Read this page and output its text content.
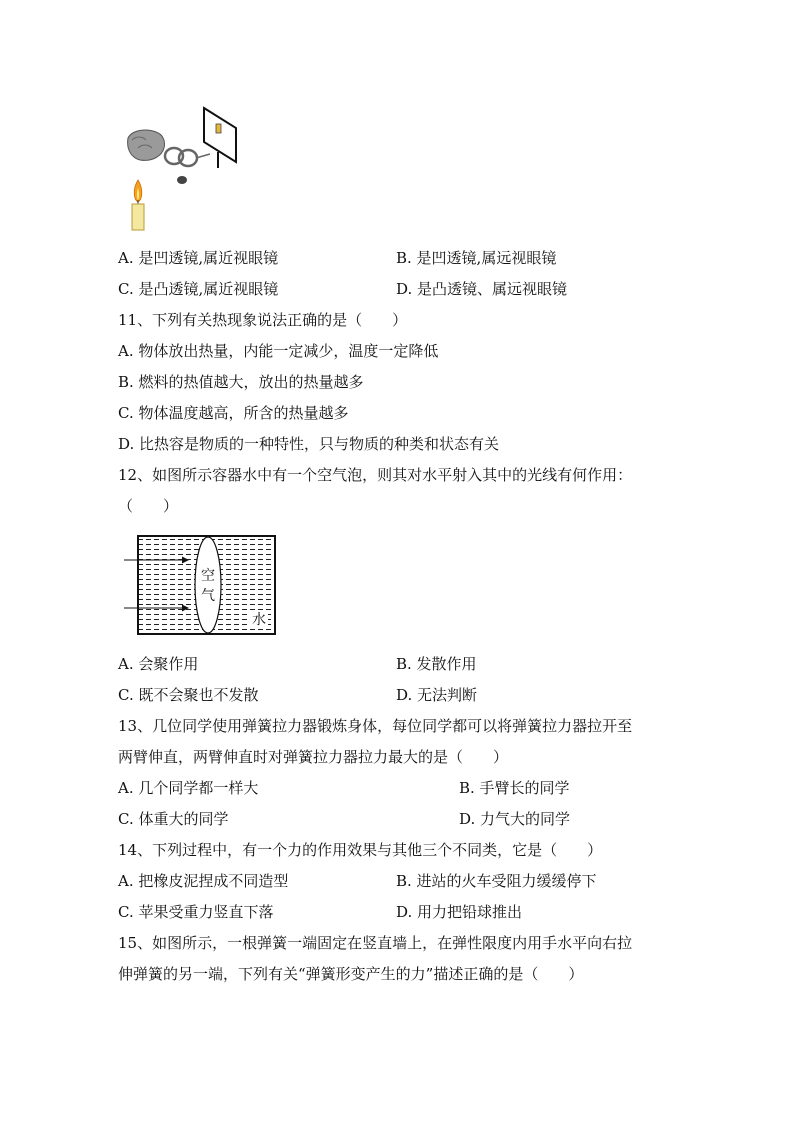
A. 是凹透镜,属近视眼镜	B. 是凹透镜,属远视眼镜
C. 是凸透镜,属近视眼镜	D. 是凸透镜、属远视眼镜
11、下列有关热现象说法正确的是（　　）
A. 物体放出热量，内能一定减少，温度一定降低
B. 燃料的热值越大，放出的热量越多
C. 物体温度越高，所含的热量越多
D. 比热容是物质的一种特性，只与物质的种类和状态有关
12、如图所示容器水中有一个空气泡，则其对水平射入其中的光线有何作用：
（　　）
空
气
水
A. 会聚作用	B. 发散作用
C. 既不会聚也不发散	D. 无法判断
13、几位同学使用弹簧拉力器锻炼身体，每位同学都可以将弹簧拉力器拉开至
两臂伸直，两臂伸直时对弹簧拉力器拉力最大的是（　　）
A. 几个同学都一样大	B. 手臂长的同学
C. 体重大的同学	D. 力气大的同学
14、下列过程中，有一个力的作用效果与其他三个不同类，它是（　　）
A. 把橡皮泥捏成不同造型	B. 进站的火车受阻力缓缓停下
C. 苹果受重力竖直下落	D. 用力把铅球推出
15、如图所示，一根弹簧一端固定在竖直墙上，在弹性限度内用手水平向右拉
伸弹簧的另一端，下列有关“弹簧形变产生的力”描述正确的是（　　）
